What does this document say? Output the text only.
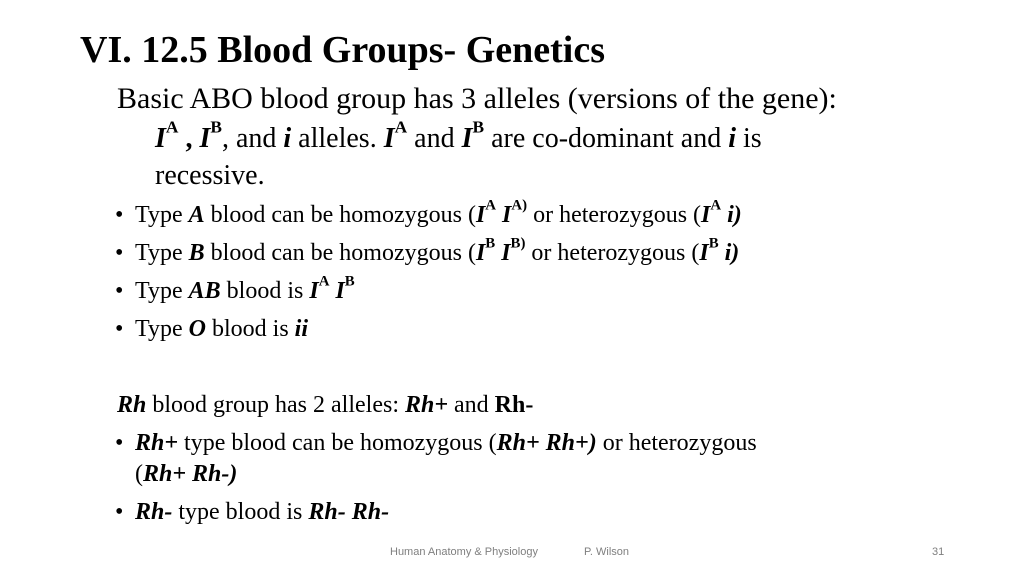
VI. 12.5 Blood Groups- Genetics
Basic ABO blood group has 3 alleles (versions of the gene):
$I^A$ , $I^B$, and i alleles. $I^A$ and $I^B$ are co-dominant and i is
recessive.
• Type A blood can be homozygous ($I^A$ $I^{A)}$ or heterozygous ($I^A$ i)
• Type B blood can be homozygous ($I^B$ $I^{B)}$ or heterozygous ($I^B$ i)
• Type AB blood is $I^A$ $I^B$
• Type O blood is ii
Rh blood group has 2 alleles: Rh+ and Rh-
• Rh+ type blood can be homozygous (Rh+ Rh+) or heterozygous
(Rh+ Rh-)
• Rh- type blood is Rh- Rh-
Human Anatomy & Physiology	P. Wilson	31
